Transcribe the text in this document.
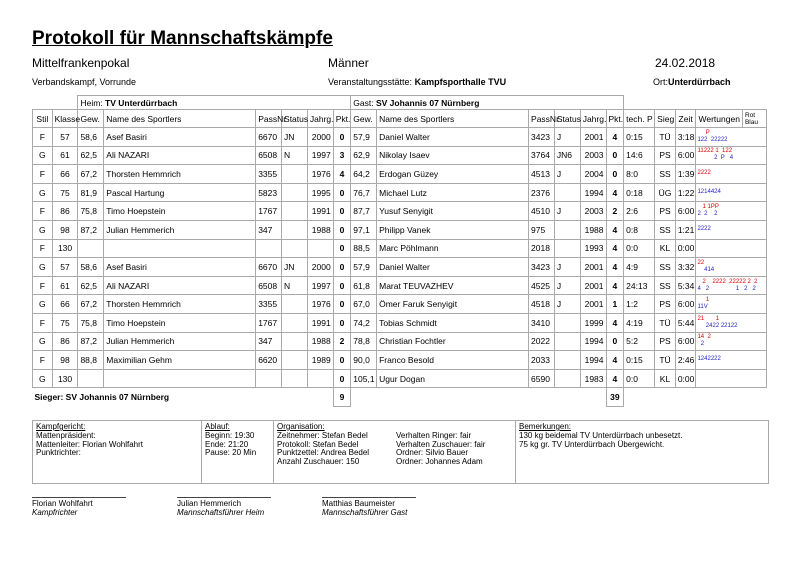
Protokoll für Mannschaftskämpfe
Mittelfrankenpokal	Männer	24.02.2018
Verbandskampf, Vorrunde	Veranstaltungsstätte: Kampfsporthalle TVU	Ort:Unterdürrbach
		Heim: TV Unterdürrbach						Gast: SV Johannis 07 Nürnberg										
Stil	Klasse	Gew.	Name des Sportlers	PassNr	Status	Jahrg.	Pkt.	Gew.	Name des Sportlers	PassNr	Status	Jahrg.	Pkt.	tech. P	Sieg	Zeit	Wertungen	Rot
Blau
F	57	58,6	Asef Basiri	6670	JN	2000	0	57,9	Daniel Walter	3423	J	2001	4	0:15	TÜ	3:18	P
122  22222	

G	61	62,5	Ali NAZARI	6508	N	1997	3	62,9	Nikolay Isaev	3764	JN6	2003	0	14:6	PS	6:00	11222 1  122
2  P   4	

F	66	67,2	Thorsten Hemmrich	3355		1976	4	64,2	Erdogan Güzey	4513	J	2004	0	8:0	SS	1:39	2222	

G	75	81,9	Pascal Hartung	5823		1995	0	76,7	Michael Lutz	2376		1994	4	0:18	ÜG	1:22	1214424	

F	86	75,8	Timo Hoepstein	1767		1991	0	87,7	Yusuf Senyigit	4510	J	2003	2	2:6	PS	6:00	1 1PP
2  2    2	

G	98	87,2	Julian Hemmerich	347		1988	0	97,1	Philipp Vanek	975		1988	4	0:8	SS	1:21	2222	

F	130						0	88,5	Marc Pöhlmann	2018		1993	4	0:0	KL	0:00		

G	57	58,6	Asef Basiri	6670	JN	2000	0	57,9	Daniel Walter	3423	J	2001	4	4:9	SS	3:32	22
414	

F	61	62,5	Ali NAZARI	6508	N	1997	0	61,8	Marat TEUVAZHEV	4525	J	2001	4	24:13	SS	5:34	2    2222  22222 2  2
4   2                1   2   2	

G	66	67,2	Thorsten Hemmrich	3355		1976	0	67,0	Ömer Faruk Senyigit	4518	J	2001	1	1:2	PS	6:00	1
11V	

F	75	75,8	Timo Hoepstein	1767		1991	0	74,2	Tobias Schmidt	3410		1999	4	4:19	TÜ	5:44	21       1
2422 22122	

G	86	87,2	Julian Hemmerich	347		1988	2	78,8	Christian Fochtler	2022		1994	0	5:2	PS	6:00	14  2
2	

F	98	88,8	Maximilian Gehm	6620		1989	0	90,0	Franco Besold	2033		1994	4	0:15	TÜ	2:46	1242222	

G	130						0	105,1	Ugur Dogan	6590		1983	4	0:0	KL	0:00		

Sieger: SV Johannis 07 Nürnberg							9						39					
Kampfgericht:
Mattenpräsident:
Mattenleiter: Florian Wohlfahrt
Punktrichter:
Ablauf:
Beginn: 19:30
Ende: 21:20
Pause: 20 Min
Organisation:
Zeitnehmer: Stefan Bedel
Protokoll: Stefan Bedel
Punktzettel: Andrea Bedel
Anzahl Zuschauer: 150
Verhalten Ringer: fair
Verhalten Zuschauer: fair
Ordner: Silvio Bauer
Ordner: Johannes Adam
Bemerkungen:
130 kg beidemal TV Unterdürrbach unbesetzt.
75 kg gr. TV Unterdürrbach Übergewicht.
Florian Wohlfahrt
Kampfrichter
Julian Hemmerich
Mannschaftsführer Heim
Matthias Baumeister
Mannschaftsführer Gast
